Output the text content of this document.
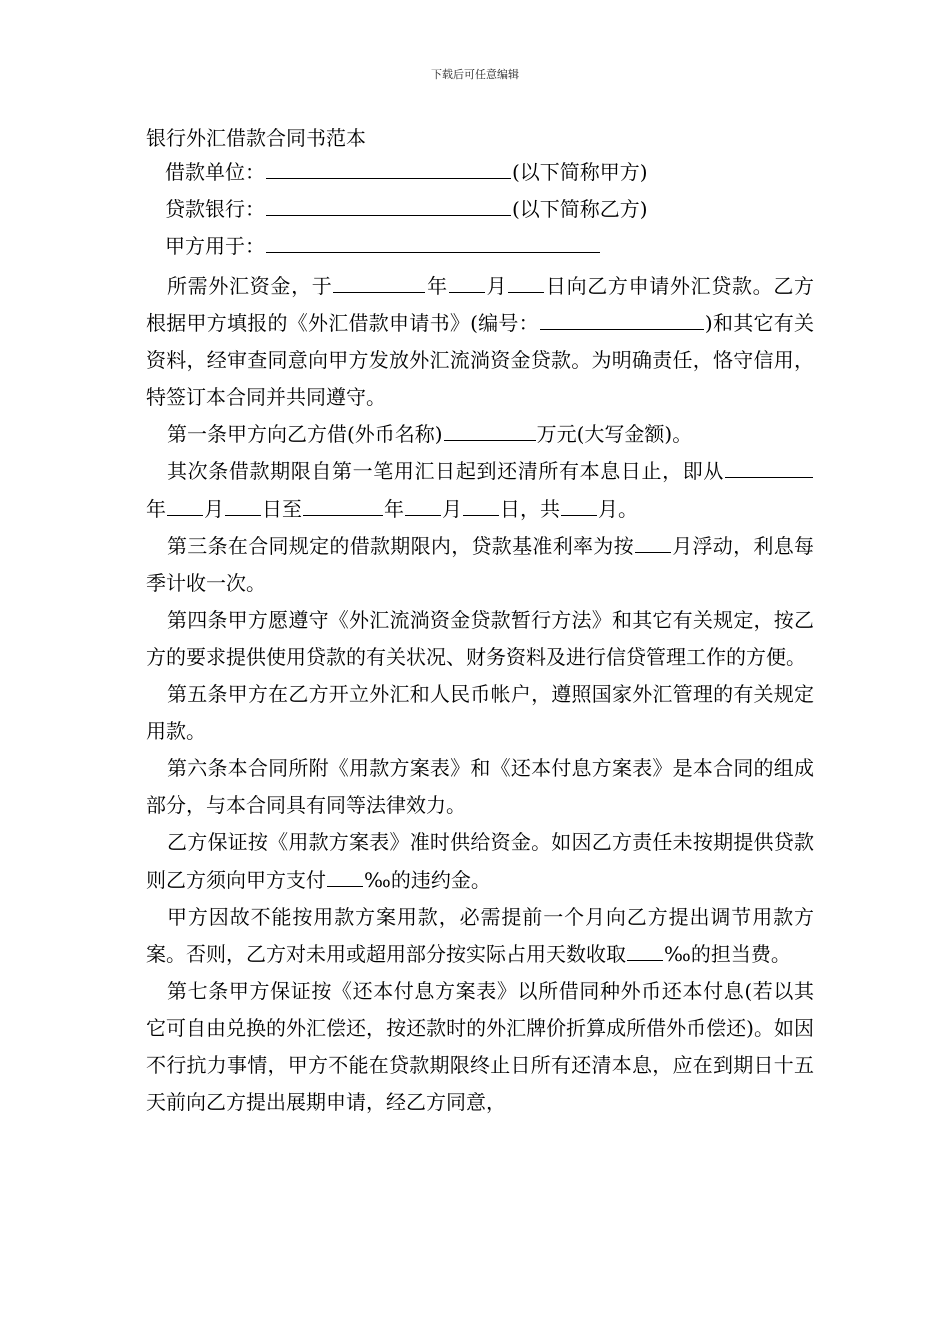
下载后可任意编辑
银行外汇借款合同书范本
借款单位：	(以下简称甲方)
贷款银行：	(以下简称乙方)
甲方用于：

所需外汇资金，于	年 月 日向乙方申请外汇贷款。乙方根据甲方填报的《外汇借款申请书》(编号：	)和其它有关资料，经审查同意向甲方发放外汇流淌资金贷款。为明确责任，恪守信用，特签订本合同并共同遵守。

第一条甲方向乙方借(外币名称)	万元(大写金额)。

其次条借款期限自第一笔用汇日起到还清所有本息日止，即从年 月 日至	年 月 日，共 月。

第三条在合同规定的借款期限内，贷款基准利率为按 月浮动，利息每季计收一次。

第四条甲方愿遵守《外汇流淌资金贷款暂行方法》和其它有关规定，按乙方的要求提供使用贷款的有关状况、财务资料及进行信贷管理工作的方便。

第五条甲方在乙方开立外汇和人民币帐户，遵照国家外汇管理的有关规定用款。

第六条本合同所附《用款方案表》和《还本付息方案表》是本合同的组成部分，与本合同具有同等法律效力。

乙方保证按《用款方案表》准时供给资金。如因乙方责任未按期提供贷款则乙方须向甲方支付 ‰的违约金。

甲方因故不能按用款方案用款，必需提前一个月向乙方提出调节用款方案。否则，乙方对未用或超用部分按实际占用天数收取 ‰的担当费。

第七条甲方保证按《还本付息方案表》以所借同种外币还本付息(若以其它可自由兑换的外汇偿还，按还款时的外汇牌价折算成所借外币偿还)。如因不行抗力事情，甲方不能在贷款期限终止日所有还清本息，应在到期日十五天前向乙方提出展期申请，经乙方同意，
